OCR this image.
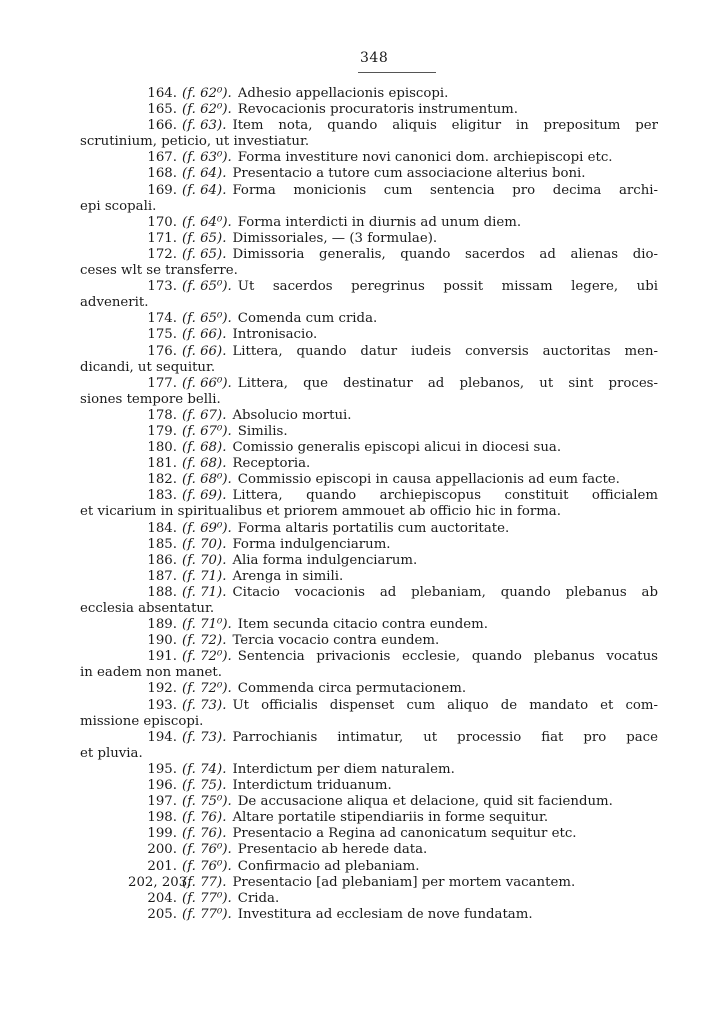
348
164. (f. 62⁰). Adhesio appellacionis episcopi.
165. (f. 62⁰). Revocacionis procuratoris instrumentum.
166. (f. 63). Item nota, quando aliquis eligitur in prepositum per
scrutinium, peticio, ut investiatur.
167. (f. 63⁰). Forma investiture novi canonici dom. archiepiscopi etc.
168. (f. 64). Presentacio a tutore cum associacione alterius boni.
169. (f. 64). Forma monicionis cum sentencia pro decima archi-
epi scopali.
170. (f. 64⁰). Forma interdicti in diurnis ad unum diem.
171. (f. 65). Dimissoriales, — (3 formulae).
172. (f. 65). Dimissoria generalis, quando sacerdos ad alienas dio-
ceses wlt se transferre.
173. (f. 65⁰). Ut sacerdos peregrinus possit missam legere, ubi
advenerit.
174. (f. 65⁰). Comenda cum crida.
175. (f. 66). Intronisacio.
176. (f. 66). Littera, quando datur iudeis conversis auctoritas men-
dicandi, ut sequitur.
177. (f. 66⁰). Littera, que destinatur ad plebanos, ut sint proces-
siones tempore belli.
178. (f. 67). Absolucio mortui.
179. (f. 67⁰). Similis.
180. (f. 68). Comissio generalis episcopi alicui in diocesi sua.
181. (f. 68). Receptoria.
182. (f. 68⁰). Commissio episcopi in causa appellacionis ad eum facte.
183. (f. 69). Littera, quando archiepiscopus constituit officialem
et vicarium in spiritualibus et priorem ammouet ab officio hic in forma.
184. (f. 69⁰). Forma altaris portatilis cum auctoritate.
185. (f. 70). Forma indulgenciarum.
186. (f. 70). Alia forma indulgenciarum.
187. (f. 71). Arenga in simili.
188. (f. 71). Citacio vocacionis ad plebaniam, quando plebanus ab
ecclesia absentatur.
189. (f. 71⁰). Item secunda citacio contra eundem.
190. (f. 72). Tercia vocacio contra eundem.
191. (f. 72⁰). Sentencia privacionis ecclesie, quando plebanus vocatus
in eadem non manet.
192. (f. 72⁰). Commenda circa permutacionem.
193. (f. 73). Ut officialis dispenset cum aliquo de mandato et com-
missione episcopi.
194. (f. 73). Parrochianis intimatur, ut processio fiat pro pace
et pluvia.
195. (f. 74). Interdictum per diem naturalem.
196. (f. 75). Interdictum triduanum.
197. (f. 75⁰). De accusacione aliqua et delacione, quid sit faciendum.
198. (f. 76). Altare portatile stipendiariis in forme sequitur.
199. (f. 76). Presentacio a Regina ad canonicatum sequitur etc.
200. (f. 76⁰). Presentacio ab herede data.
201. (f. 76⁰). Confirmacio ad plebaniam.
202, 203.
(f. 77). Presentacio [ad plebaniam] per mortem vacantem.
204. (f. 77⁰). Crida.
205. (f. 77⁰). Investitura ad ecclesiam de nove fundatam.
